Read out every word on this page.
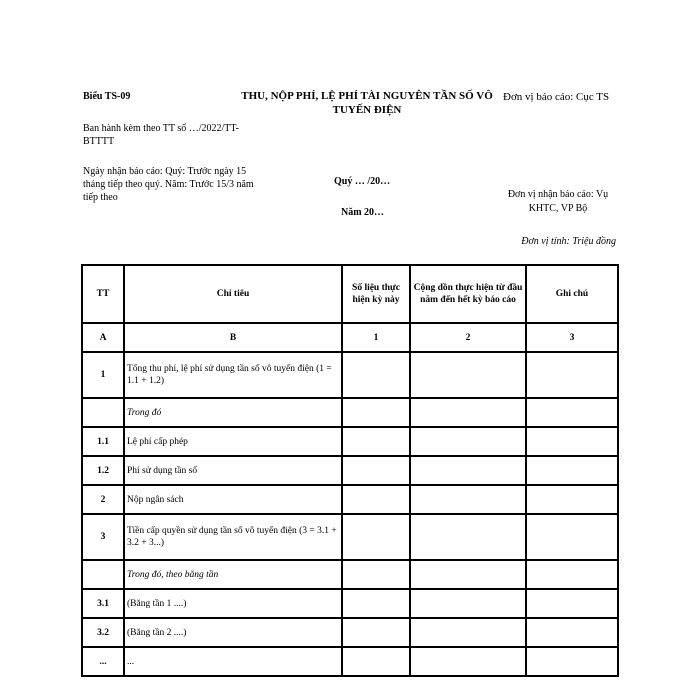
Biểu TS-09	THU, NỘP PHÍ, LỆ PHÍ TÀI NGUYÊN TẦN SỐ VÔ TUYẾN ĐIỆN
Đơn vị báo cáo: Cục TS
Ban hành kèm theo TT số …/2022/TT-BTTTT
Ngày nhận báo cáo: Quý: Trước ngày 15 tháng tiếp theo quý. Năm: Trước 15/3 năm tiếp theo
Quý … /20…
Năm 20…
Đơn vị nhận báo cáo: Vụ KHTC, VP Bộ
Đơn vị tính: Triệu đồng
TT	Chỉ tiêu	Số liệu thực hiện kỳ này	Cộng dồn thực hiện từ đầu năm đến hết kỳ báo cáo	Ghi chú
A	B	1	2	3
1	Tổng thu phí, lệ phí sử dụng tần số vô tuyến điện (1 = 1.1 + 1.2)			
	Trong đó			
1.1	Lệ phí cấp phép			
1.2	Phí sử dụng tần số			
2	Nộp ngân sách			
3	Tiền cấp quyền sử dụng tần số vô tuyến điện (3 = 3.1 + 3.2 + 3...)			
	Trong đó, theo băng tần			
3.1	(Băng tần 1 ....)			
3.2	(Băng tần 2 ....)			
...	...			
